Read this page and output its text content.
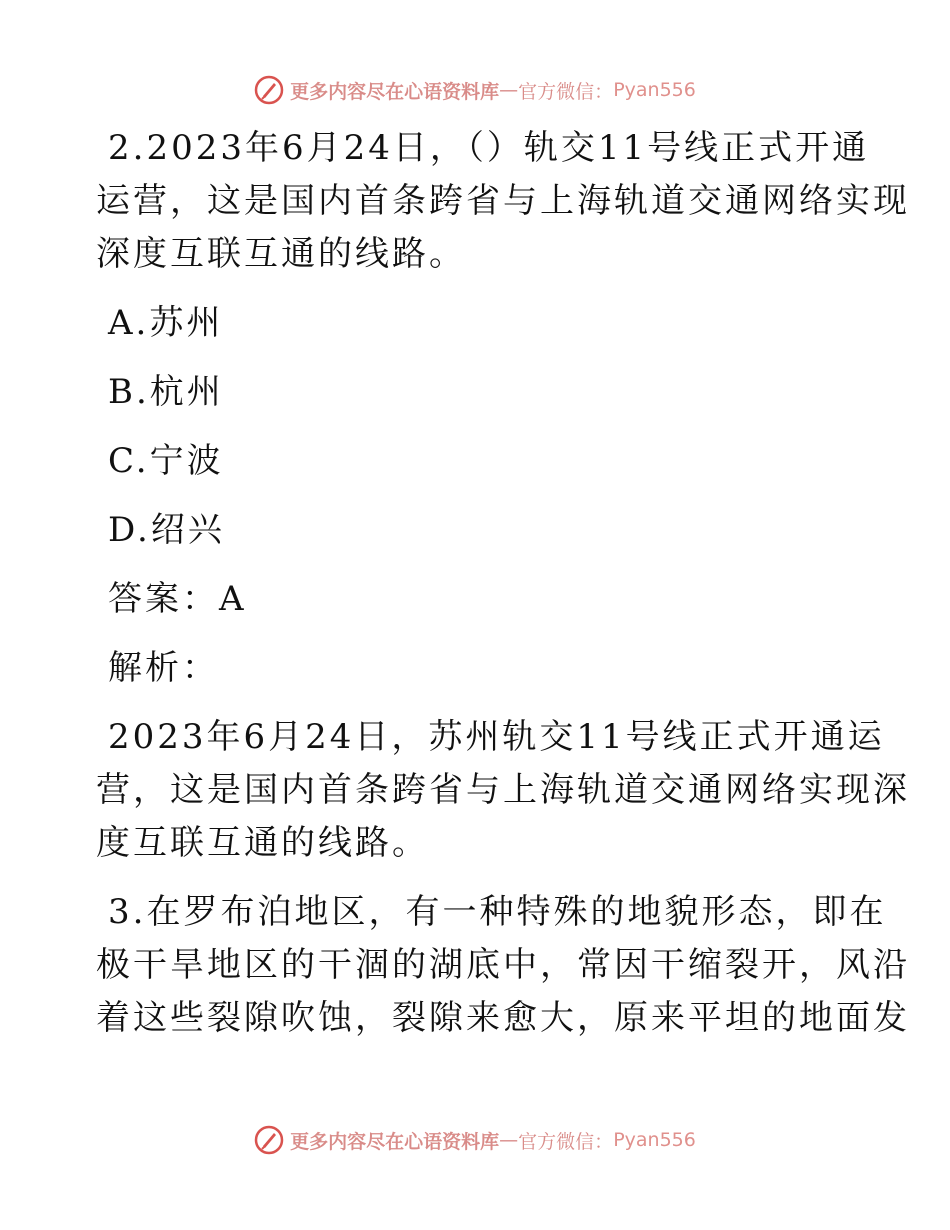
更多内容尽在心语资料库 — 官方微信： Pyan556

2.2023年6月24日，（）轨交11号线正式开通
运营，这是国内首条跨省与上海轨道交通网络实现
深度互联互通的线路。

A.苏州

B.杭州

C.宁波

D.绍兴

答案：A

解析：

2023年6月24日，苏州轨交11号线正式开通运
营，这是国内首条跨省与上海轨道交通网络实现深
度互联互通的线路。

3.在罗布泊地区，有一种特殊的地貌形态，即在
极干旱地区的干涸的湖底中，常因干缩裂开，风沿
着这些裂隙吹蚀，裂隙来愈大，原来平坦的地面发

更多内容尽在心语资料库 — 官方微信： Pyan556
